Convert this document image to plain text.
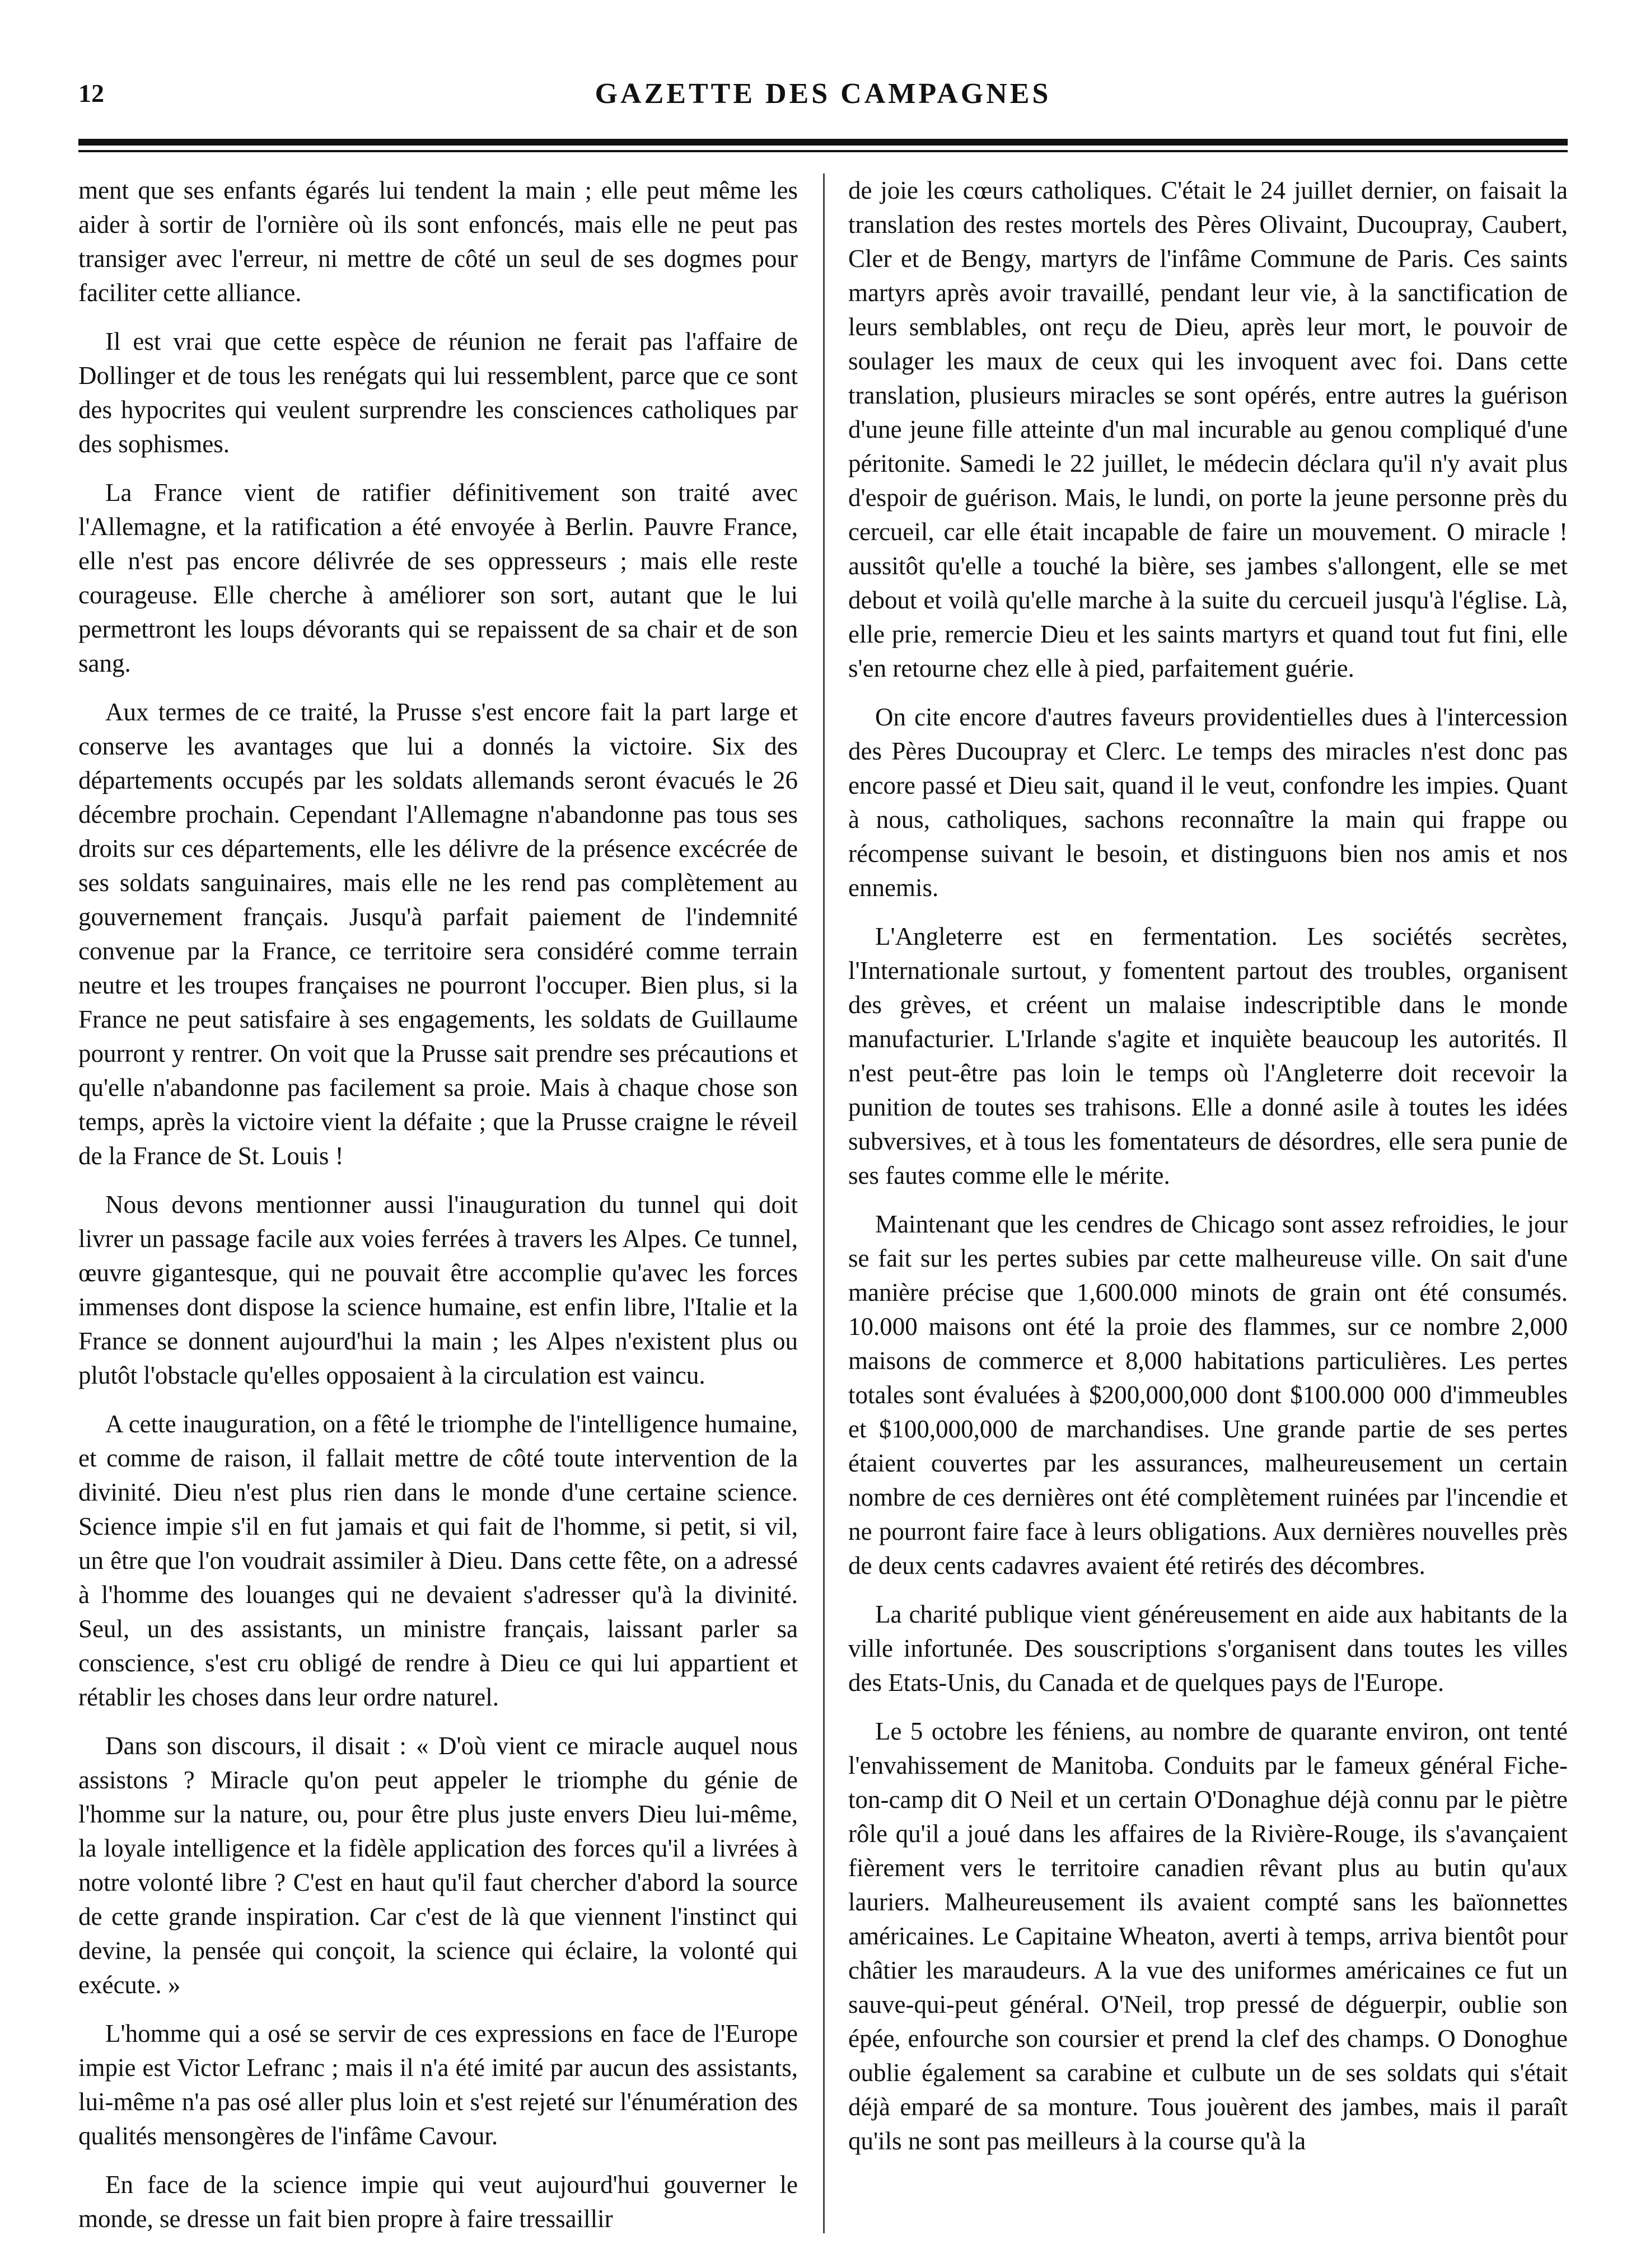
12	GAZETTE DES CAMPAGNES

ment que ses enfants égarés lui tendent la main ; elle peut même les aider à sortir de l'ornière où ils sont enfoncés, mais elle ne peut pas transiger avec l'erreur, ni mettre de côté un seul de ses dogmes pour faciliter cette alliance.

Il est vrai que cette espèce de réunion ne ferait pas l'affaire de Dollinger et de tous les renégats qui lui ressemblent, parce que ce sont des hypocrites qui veulent surprendre les consciences catholiques par des sophismes.

La France vient de ratifier définitivement son traité avec l'Allemagne, et la ratification a été envoyée à Berlin. Pauvre France, elle n'est pas encore délivrée de ses oppresseurs ; mais elle reste courageuse. Elle cherche à améliorer son sort, autant que le lui permettront les loups dévorants qui se repaissent de sa chair et de son sang.

Aux termes de ce traité, la Prusse s'est encore fait la part large et conserve les avantages que lui a donnés la victoire. Six des départements occupés par les soldats allemands seront évacués le 26 décembre prochain. Cependant l'Allemagne n'abandonne pas tous ses droits sur ces départements, elle les délivre de la présence excécrée de ses soldats sanguinaires, mais elle ne les rend pas complètement au gouvernement français. Jusqu'à parfait paiement de l'indemnité convenue par la France, ce territoire sera considéré comme terrain neutre et les troupes françaises ne pourront l'occuper. Bien plus, si la France ne peut satisfaire à ses engagements, les soldats de Guillaume pourront y rentrer. On voit que la Prusse sait prendre ses précautions et qu'elle n'abandonne pas facilement sa proie. Mais à chaque chose son temps, après la victoire vient la défaite ; que la Prusse craigne le réveil de la France de St. Louis !

Nous devons mentionner aussi l'inauguration du tunnel qui doit livrer un passage facile aux voies ferrées à travers les Alpes. Ce tunnel, œuvre gigantesque, qui ne pouvait être accomplie qu'avec les forces immenses dont dispose la science humaine, est enfin libre, l'Italie et la France se donnent aujourd'hui la main ; les Alpes n'existent plus ou plutôt l'obstacle qu'elles opposaient à la circulation est vaincu.

A cette inauguration, on a fêté le triomphe de l'intelligence humaine, et comme de raison, il fallait mettre de côté toute intervention de la divinité. Dieu n'est plus rien dans le monde d'une certaine science. Science impie s'il en fut jamais et qui fait de l'homme, si petit, si vil, un être que l'on voudrait assimiler à Dieu. Dans cette fête, on a adressé à l'homme des louanges qui ne devaient s'adresser qu'à la divinité. Seul, un des assistants, un ministre français, laissant parler sa conscience, s'est cru obligé de rendre à Dieu ce qui lui appartient et rétablir les choses dans leur ordre naturel.

Dans son discours, il disait : « D'où vient ce miracle auquel nous assistons ? Miracle qu'on peut appeler le triomphe du génie de l'homme sur la nature, ou, pour être plus juste envers Dieu lui-même, la loyale intelligence et la fidèle application des forces qu'il a livrées à notre volonté libre ? C'est en haut qu'il faut chercher d'abord la source de cette grande inspiration. Car c'est de là que viennent l'instinct qui devine, la pensée qui conçoit, la science qui éclaire, la volonté qui exécute. »

L'homme qui a osé se servir de ces expressions en face de l'Europe impie est Victor Lefranc ; mais il n'a été imité par aucun des assistants, lui-même n'a pas osé aller plus loin et s'est rejeté sur l'énumération des qualités mensongères de l'infâme Cavour.

En face de la science impie qui veut aujourd'hui gouverner le monde, se dresse un fait bien propre à faire tressaillir

de joie les cœurs catholiques. C'était le 24 juillet dernier, on faisait la translation des restes mortels des Pères Olivaint, Ducoupray, Caubert, Cler et de Bengy, martyrs de l'infâme Commune de Paris. Ces saints martyrs après avoir travaillé, pendant leur vie, à la sanctification de leurs semblables, ont reçu de Dieu, après leur mort, le pouvoir de soulager les maux de ceux qui les invoquent avec foi. Dans cette translation, plusieurs miracles se sont opérés, entre autres la guérison d'une jeune fille atteinte d'un mal incurable au genou compliqué d'une péritonite. Samedi le 22 juillet, le médecin déclara qu'il n'y avait plus d'espoir de guérison. Mais, le lundi, on porte la jeune personne près du cercueil, car elle était incapable de faire un mouvement. O miracle ! aussitôt qu'elle a touché la bière, ses jambes s'allongent, elle se met debout et voilà qu'elle marche à la suite du cercueil jusqu'à l'église. Là, elle prie, remercie Dieu et les saints martyrs et quand tout fut fini, elle s'en retourne chez elle à pied, parfaitement guérie.

On cite encore d'autres faveurs providentielles dues à l'intercession des Pères Ducoupray et Clerc. Le temps des miracles n'est donc pas encore passé et Dieu sait, quand il le veut, confondre les impies. Quant à nous, catholiques, sachons reconnaître la main qui frappe ou récompense suivant le besoin, et distinguons bien nos amis et nos ennemis.

L'Angleterre est en fermentation. Les sociétés secrètes, l'Internationale surtout, y fomentent partout des troubles, organisent des grèves, et créent un malaise indescriptible dans le monde manufacturier. L'Irlande s'agite et inquiète beaucoup les autorités. Il n'est peut-être pas loin le temps où l'Angleterre doit recevoir la punition de toutes ses trahisons. Elle a donné asile à toutes les idées subversives, et à tous les fomentateurs de désordres, elle sera punie de ses fautes comme elle le mérite.

Maintenant que les cendres de Chicago sont assez refroidies, le jour se fait sur les pertes subies par cette malheureuse ville. On sait d'une manière précise que 1,600.000 minots de grain ont été consumés. 10.000 maisons ont été la proie des flammes, sur ce nombre 2,000 maisons de commerce et 8,000 habitations particulières. Les pertes totales sont évaluées à $200,000,000 dont $100.000 000 d'immeubles et $100,000,000 de marchandises. Une grande partie de ses pertes étaient couvertes par les assurances, malheureusement un certain nombre de ces dernières ont été complètement ruinées par l'incendie et ne pourront faire face à leurs obligations. Aux dernières nouvelles près de deux cents cadavres avaient été retirés des décombres.

La charité publique vient généreusement en aide aux habitants de la ville infortunée. Des souscriptions s'organisent dans toutes les villes des Etats-Unis, du Canada et de quelques pays de l'Europe.

Le 5 octobre les féniens, au nombre de quarante environ, ont tenté l'envahissement de Manitoba. Conduits par le fameux général Fiche-ton-camp dit O Neil et un certain O'Donaghue déjà connu par le piètre rôle qu'il a joué dans les affaires de la Rivière-Rouge, ils s'avançaient fièrement vers le territoire canadien rêvant plus au butin qu'aux lauriers. Malheureusement ils avaient compté sans les baïonnettes américaines. Le Capitaine Wheaton, averti à temps, arriva bientôt pour châtier les maraudeurs. A la vue des uniformes américaines ce fut un sauve-qui-peut général. O'Neil, trop pressé de déguerpir, oublie son épée, enfourche son coursier et prend la clef des champs. O Donoghue oublie également sa carabine et culbute un de ses soldats qui s'était déjà emparé de sa monture. Tous jouèrent des jambes, mais il paraît qu'ils ne sont pas meilleurs à la course qu'à la
